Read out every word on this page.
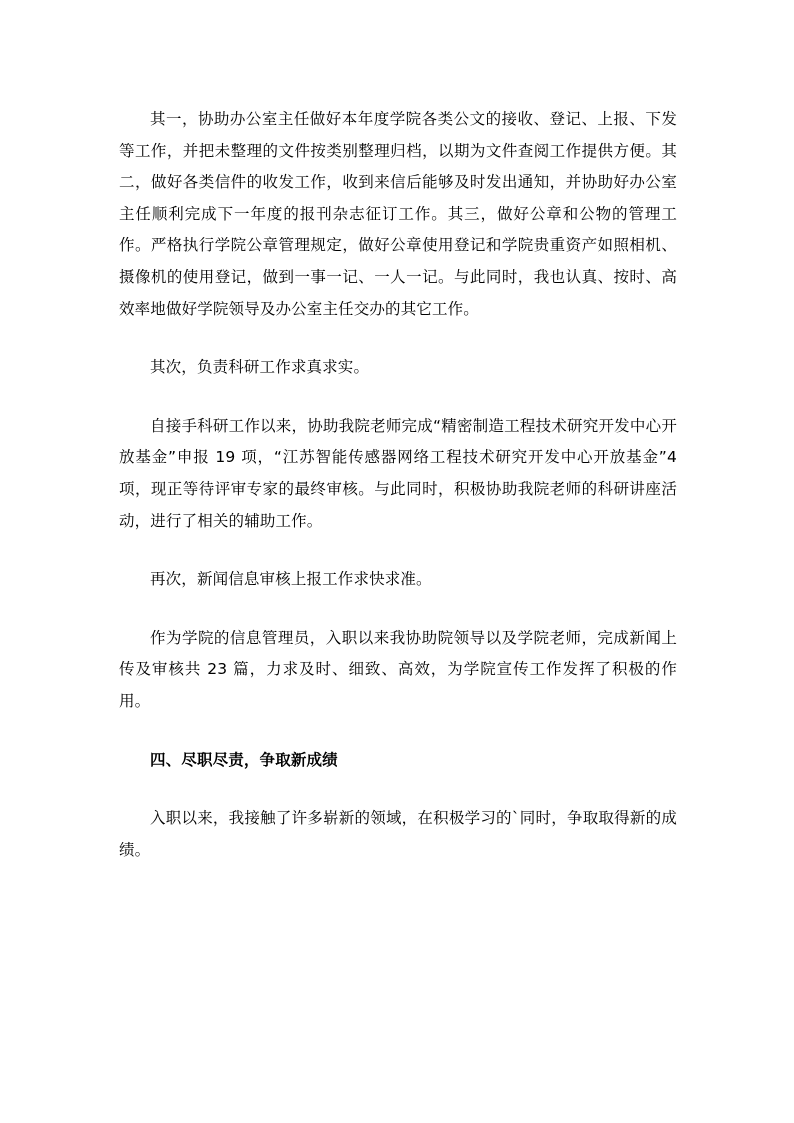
其一，协助办公室主任做好本年度学院各类公文的接收、登记、上报、下发等工作，并把未整理的文件按类别整理归档，以期为文件查阅工作提供方便。其二，做好各类信件的收发工作，收到来信后能够及时发出通知，并协助好办公室主任顺利完成下一年度的报刊杂志征订工作。其三，做好公章和公物的管理工作。严格执行学院公章管理规定，做好公章使用登记和学院贵重资产如照相机、摄像机的使用登记，做到一事一记、一人一记。与此同时，我也认真、按时、高效率地做好学院领导及办公室主任交办的其它工作。

其次，负责科研工作求真求实。

自接手科研工作以来，协助我院老师完成“精密制造工程技术研究开发中心开放基金”申报 19 项，“江苏智能传感器网络工程技术研究开发中心开放基金”4 项，现正等待评审专家的最终审核。与此同时，积极协助我院老师的科研讲座活动，进行了相关的辅助工作。

再次，新闻信息审核上报工作求快求准。

作为学院的信息管理员，入职以来我协助院领导以及学院老师，完成新闻上传及审核共 23 篇，力求及时、细致、高效，为学院宣传工作发挥了积极的作用。

四、尽职尽责，争取新成绩

入职以来，我接触了许多崭新的领域，在积极学习的`同时，争取取得新的成绩。
